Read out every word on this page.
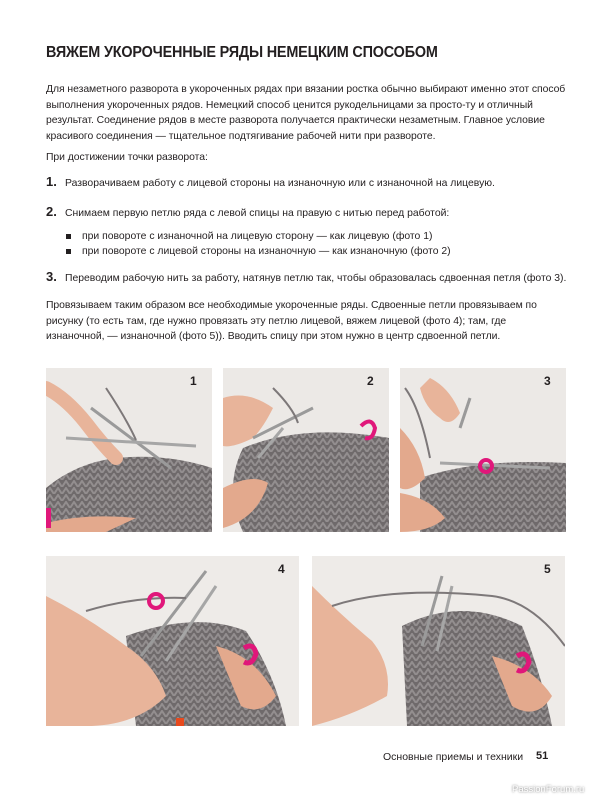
ВЯЖЕМ УКОРОЧЕННЫЕ РЯДЫ НЕМЕЦКИМ СПОСОБОМ
Для незаметного разворота в укороченных рядах при вязании ростка обычно выбирают именно этот способ выполнения укороченных рядов. Немецкий способ ценится рукодельницами за просто-ту и отличный результат. Соединение рядов в месте разворота получается практически незаметным. Главное условие красивого соединения — тщательное подтягивание рабочей нити при развороте.
При достижении точки разворота:
1. Разворачиваем работу с лицевой стороны на изнаночную или с изнаночной на лицевую.
2. Снимаем первую петлю ряда с левой спицы на правую с нитью перед работой:
при повороте с изнаночной на лицевую сторону — как лицевую (фото 1)
при повороте с лицевой стороны на изнаночную — как изнаночную (фото 2)
3. Переводим рабочую нить за работу, натянув петлю так, чтобы образовалась сдвоенная петля (фото 3).
Провязываем таким образом все необходимые укороченные ряды. Сдвоенные петли провязываем по рисунку (то есть там, где нужно провязать эту петлю лицевой, вяжем лицевой (фото 4); там, где изнаночной, — изнаночной (фото 5)). Вводить спицу при этом нужно в центр сдвоенной петли.
1	2	3
4	5
Основные приемы и техники 51
PassionForum.ru
